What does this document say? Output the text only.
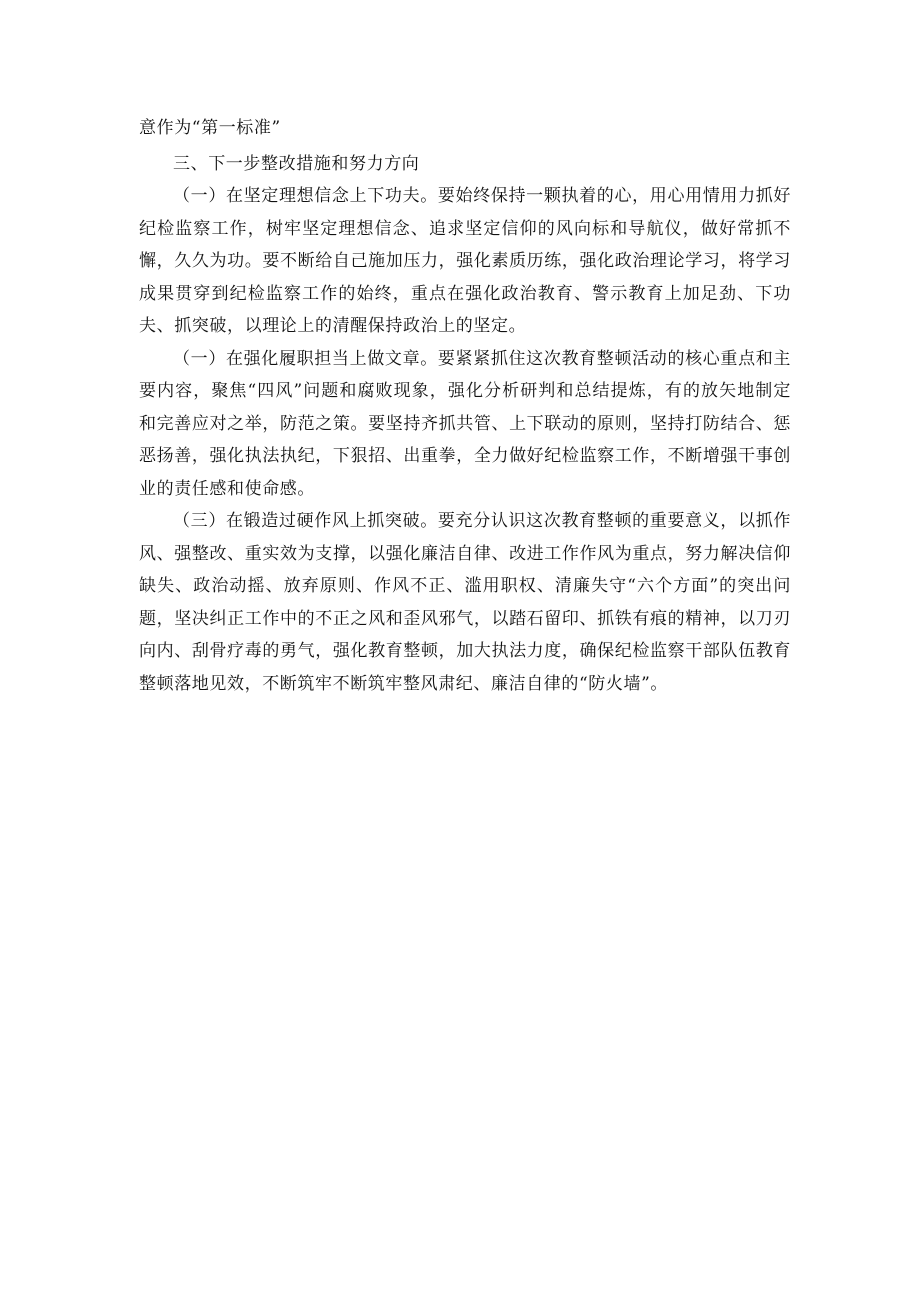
意作为“第一标准”

三、下一步整改措施和努力方向

（一）在坚定理想信念上下功夫。要始终保持一颗执着的心，用心用情用力抓好纪检监察工作，树牢坚定理想信念、追求坚定信仰的风向标和导航仪，做好常抓不懈，久久为功。要不断给自己施加压力，强化素质历练，强化政治理论学习，将学习成果贯穿到纪检监察工作的始终，重点在强化政治教育、警示教育上加足劲、下功夫、抓突破，以理论上的清醒保持政治上的坚定。

（一）在强化履职担当上做文章。要紧紧抓住这次教育整顿活动的核心重点和主要内容，聚焦“四风”问题和腐败现象，强化分析研判和总结提炼，有的放矢地制定和完善应对之举，防范之策。要坚持齐抓共管、上下联动的原则，坚持打防结合、惩恶扬善，强化执法执纪，下狠招、出重拳，全力做好纪检监察工作，不断增强干事创业的责任感和使命感。

（三）在锻造过硬作风上抓突破。要充分认识这次教育整顿的重要意义，以抓作风、强整改、重实效为支撑，以强化廉洁自律、改进工作作风为重点，努力解决信仰缺失、政治动摇、放弃原则、作风不正、滥用职权、清廉失守“六个方面”的突出问题，坚决纠正工作中的不正之风和歪风邪气，以踏石留印、抓铁有痕的精神，以刀刃向内、刮骨疗毒的勇气，强化教育整顿，加大执法力度，确保纪检监察干部队伍教育整顿落地见效，不断筑牢不断筑牢整风肃纪、廉洁自律的“防火墙”。
